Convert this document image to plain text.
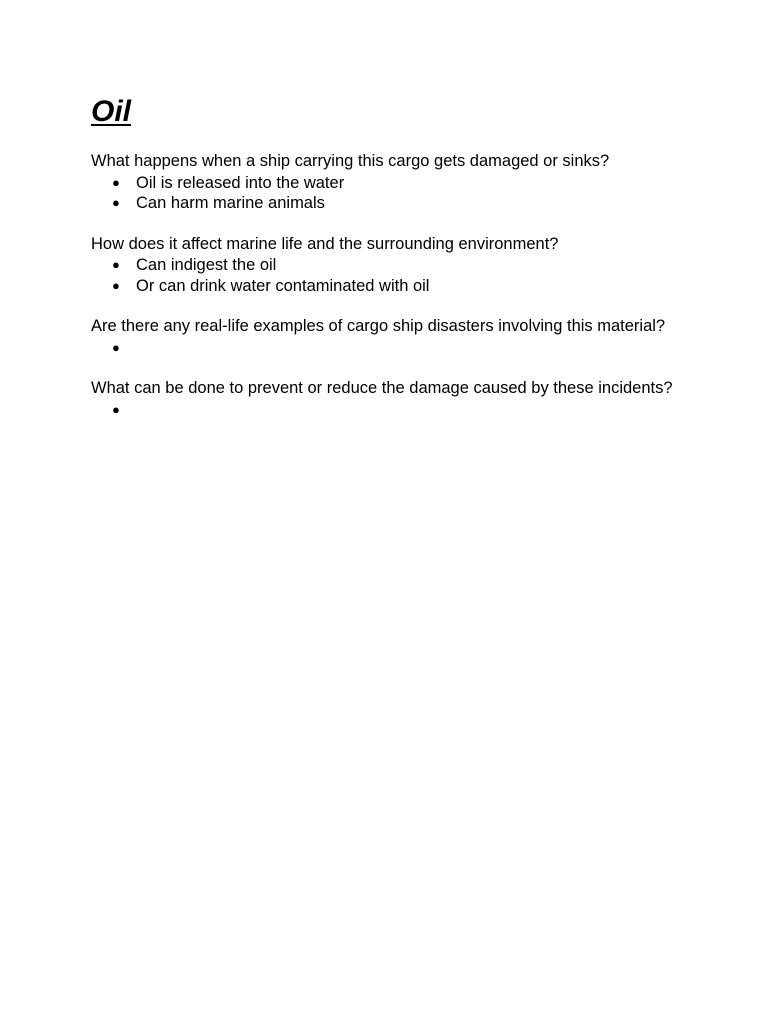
Oil

What happens when a ship carrying this cargo gets damaged or sinks?

● Oil is released into the water
● Can harm marine animals

How does it affect marine life and the surrounding environment?

● Can indigest the oil
● Or can drink water contaminated with oil

Are there any real-life examples of cargo ship disasters involving this material?

●

What can be done to prevent or reduce the damage caused by these incidents?

●
